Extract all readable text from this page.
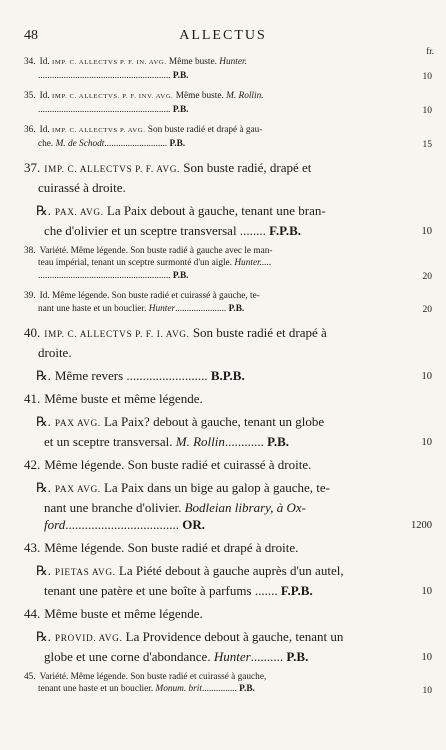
48	ALLECTUS
fr.
34. Id. IMP. C. ALLECTVS P. F. IN. AVG. Même buste. Hunter.
......................................................... P.B.	10
35. Id. IMP. C. ALLECTVS. P. F. INV. AVG. Même buste. M. Rollin.
......................................................... P.B.	10
36. Id. IMP. C. ALLECTVS P. AVG. Son buste radié et drapé à gau-
che. M. de Schodt........................... P.B.	15
37. IMP. C. ALLECTVS P. F. AVG. Son buste radié, drapé et
cuirassé à droite.
℞. PAX. AVG. La Paix debout à gauche, tenant une bran-
che d'olivier et un sceptre transversal ........ F.P.B.	10
38. Variété. Même légende. Son buste radié à gauche avec le man-
teau impérial, tenant un sceptre surmonté d'un aigle. Hunter.....
......................................................... P.B.	20
39. Id. Même légende. Son buste radié et cuirassé à gauche, te-
nant une haste et un bouclier. Hunter...................... P.B.	20
40. IMP. C. ALLECTVS P. F. I. AVG. Son buste radié et drapé à
droite.
℞. Même revers ......................... B.P.B.	10
41. Même buste et même légende.
℞. PAX AVG. La Paix? debout à gauche, tenant un globe
et un sceptre transversal. M. Rollin............ P.B.	10
42. Même légende. Son buste radié et cuirassé à droite.
℞. PAX AVG. La Paix dans un bige au galop à gauche, te-
nant une branche d'olivier. Bodleian library, à Ox-
ford................................... OR.	1200
43. Même légende. Son buste radié et drapé à droite.
℞. PIETAS AVG. La Piété debout à gauche auprès d'un autel,
tenant une patère et une boîte à parfums ....... F.P.B.	10
44. Même buste et même légende.
℞. PROVID. AVG. La Providence debout à gauche, tenant un
globe et une corne d'abondance. Hunter.......... P.B.	10
45. Variété. Même légende. Son buste radié et cuirassé à gauche,
tenant une haste et un bouclier. Monum. brit............... P.B.	10
